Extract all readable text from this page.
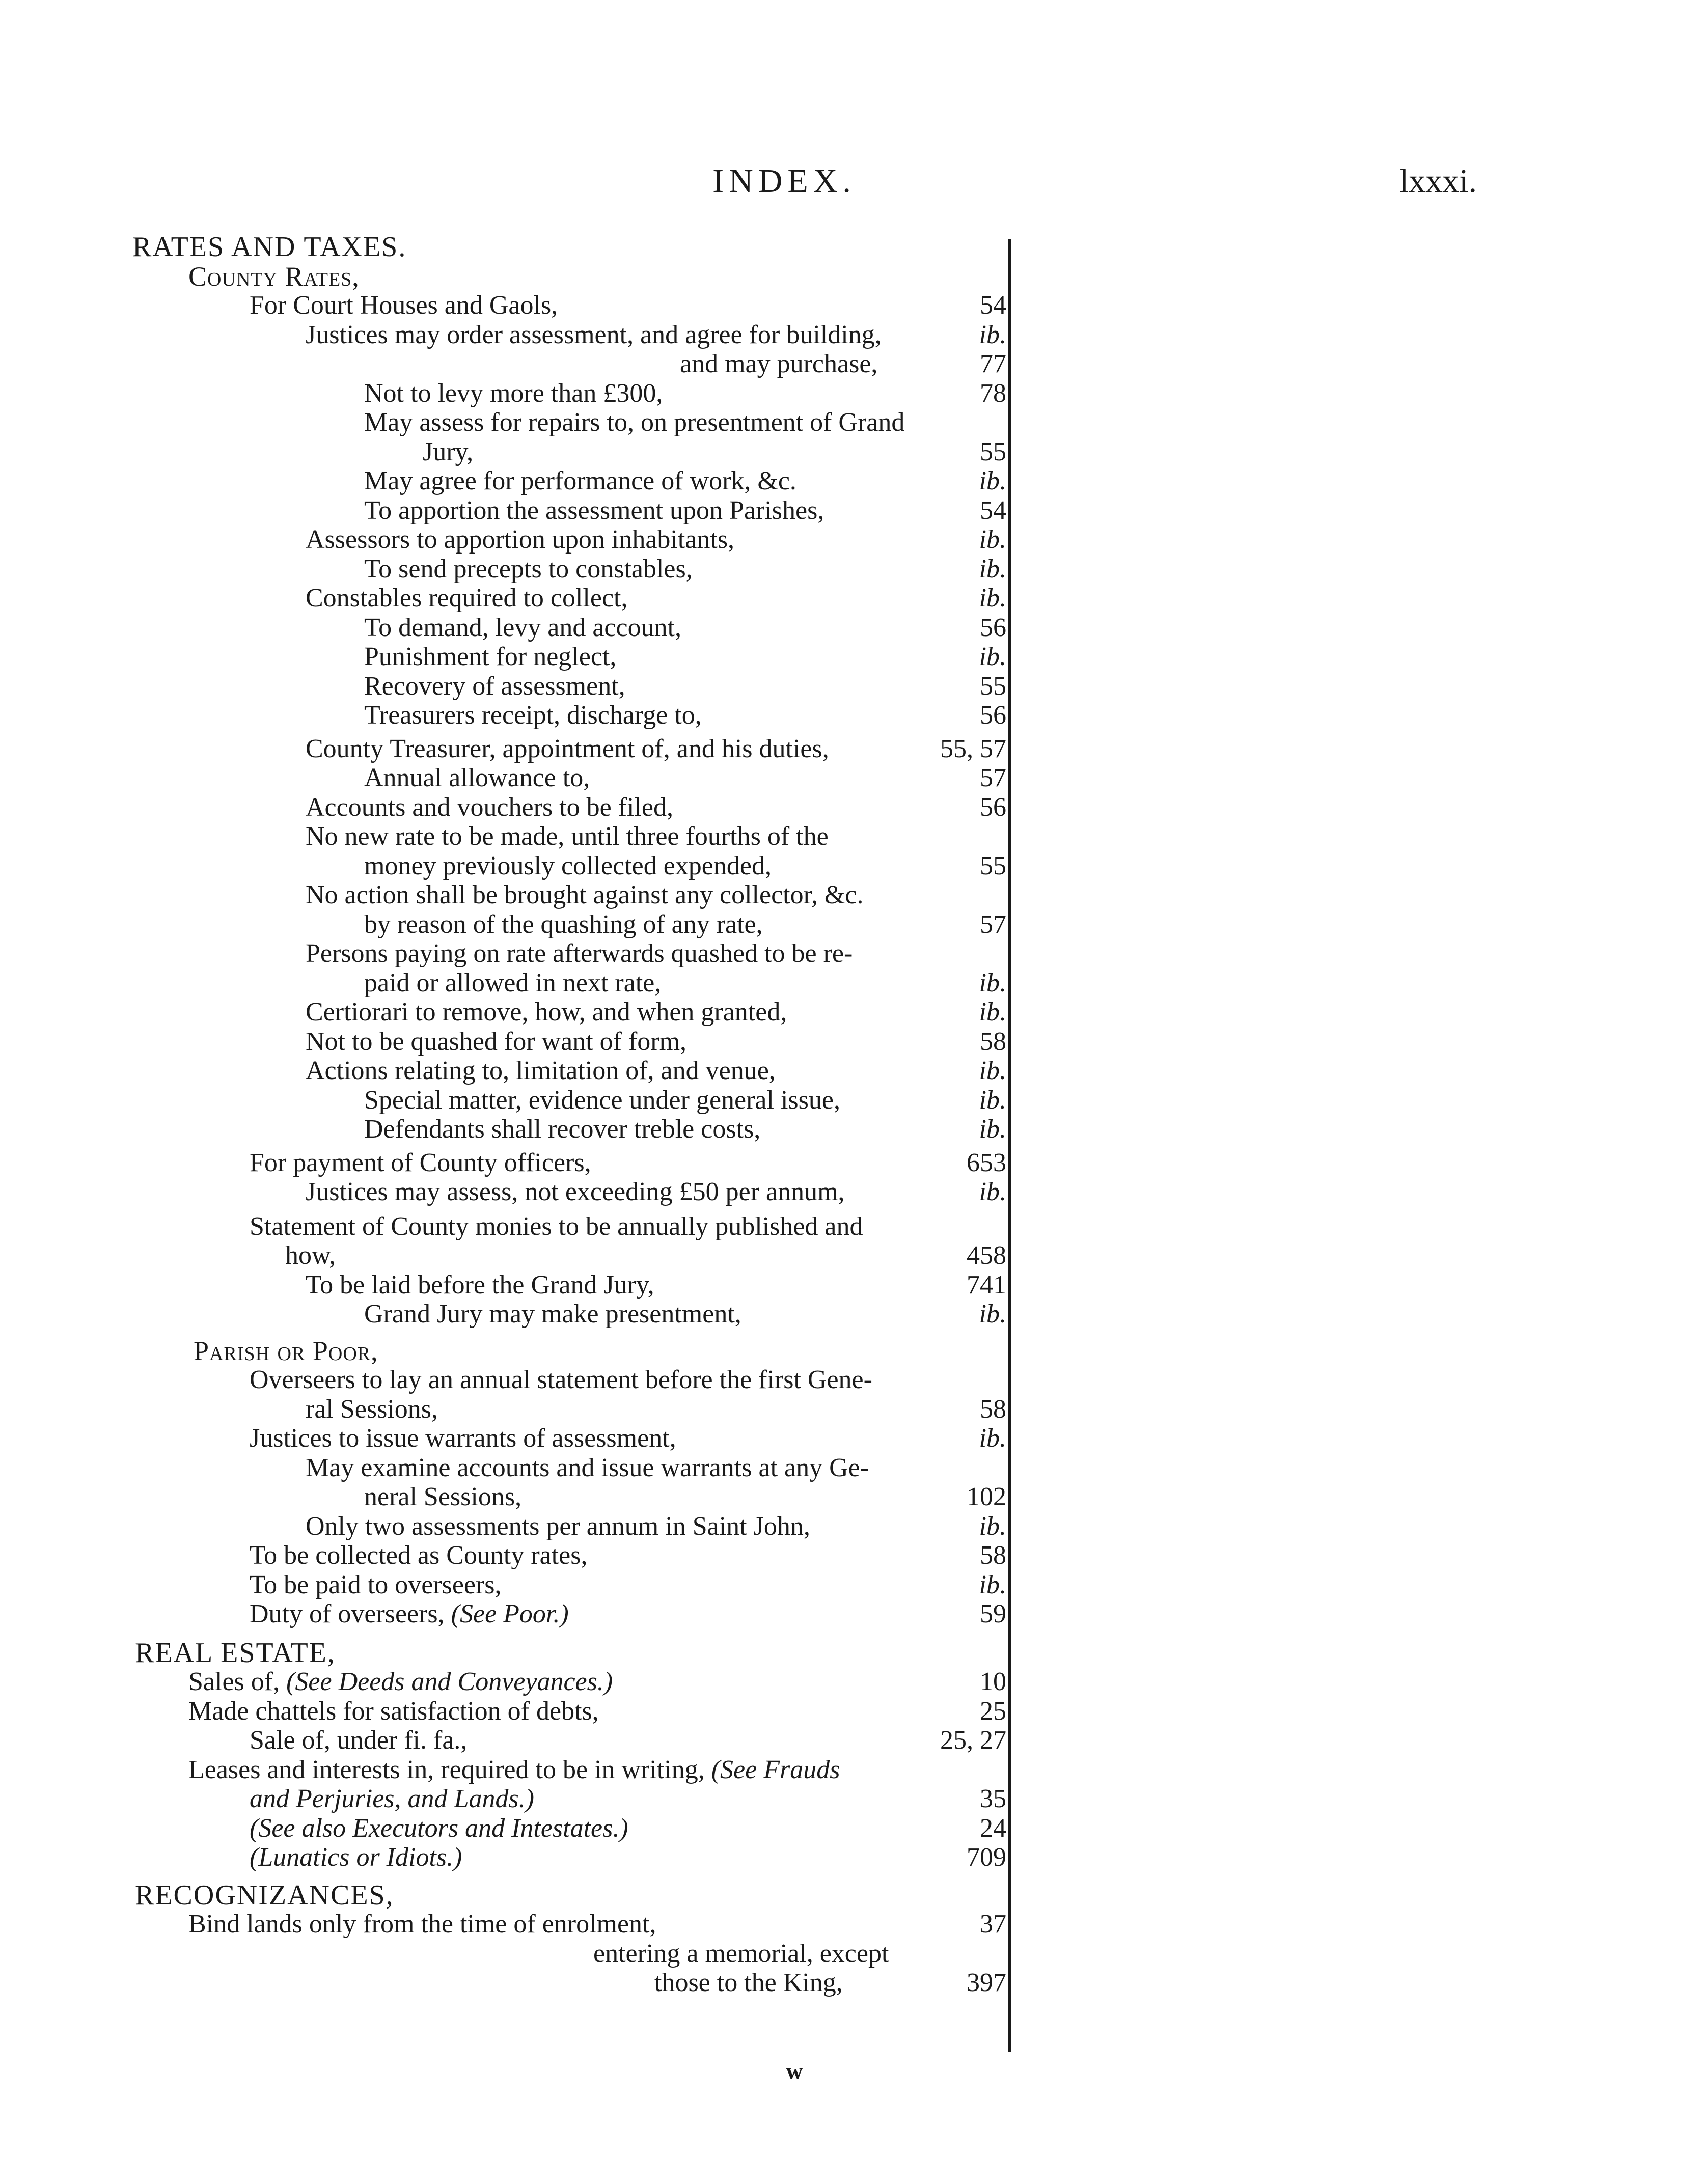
INDEX.	lxxxi.
RATES AND TAXES.
County Rates,
For Court Houses and Gaols,	54
Justices may order assessment, and agree for building,	ib.
and may purchase,	77
Not to levy more than £300,	78
May assess for repairs to, on presentment of Grand
Jury,	55
May agree for performance of work, &c.	ib.
To apportion the assessment upon Parishes,	54
Assessors to apportion upon inhabitants,	ib.
To send precepts to constables,	ib.
Constables required to collect,	ib.
To demand, levy and account,	56
Punishment for neglect,	ib.
Recovery of assessment,	55
Treasurers receipt, discharge to,	56
County Treasurer, appointment of, and his duties,	55, 57
Annual allowance to,	57
Accounts and vouchers to be filed,	56
No new rate to be made, until three fourths of the
money previously collected expended,	55
No action shall be brought against any collector, &c.
by reason of the quashing of any rate,	57
Persons paying on rate afterwards quashed to be re-
paid or allowed in next rate,	ib.
Certiorari to remove, how, and when granted,	ib.
Not to be quashed for want of form,	58
Actions relating to, limitation of, and venue,	ib.
Special matter, evidence under general issue,	ib.
Defendants shall recover treble costs,	ib.
For payment of County officers,	653
Justices may assess, not exceeding £50 per annum,	ib.
Statement of County monies to be annually published and
how,	458
To be laid before the Grand Jury,	741
Grand Jury may make presentment,	ib.
Parish or Poor,
Overseers to lay an annual statement before the first Gene-
ral Sessions,	58
Justices to issue warrants of assessment,	ib.
May examine accounts and issue warrants at any Ge-
neral Sessions,	102
Only two assessments per annum in Saint John,	ib.
To be collected as County rates,	58
To be paid to overseers,	ib.
Duty of overseers, (See Poor.)	59
REAL ESTATE,
Sales of, (See Deeds and Conveyances.)	10
Made chattels for satisfaction of debts,	25
Sale of, under fi. fa.,	25, 27
Leases and interests in, required to be in writing, (See Frauds
and Perjuries, and Lands.)	35
(See also Executors and Intestates.)	24
(Lunatics or Idiots.)	709
RECOGNIZANCES,
Bind lands only from the time of enrolment,	37
entering a memorial, except
those to the King,	397
w
